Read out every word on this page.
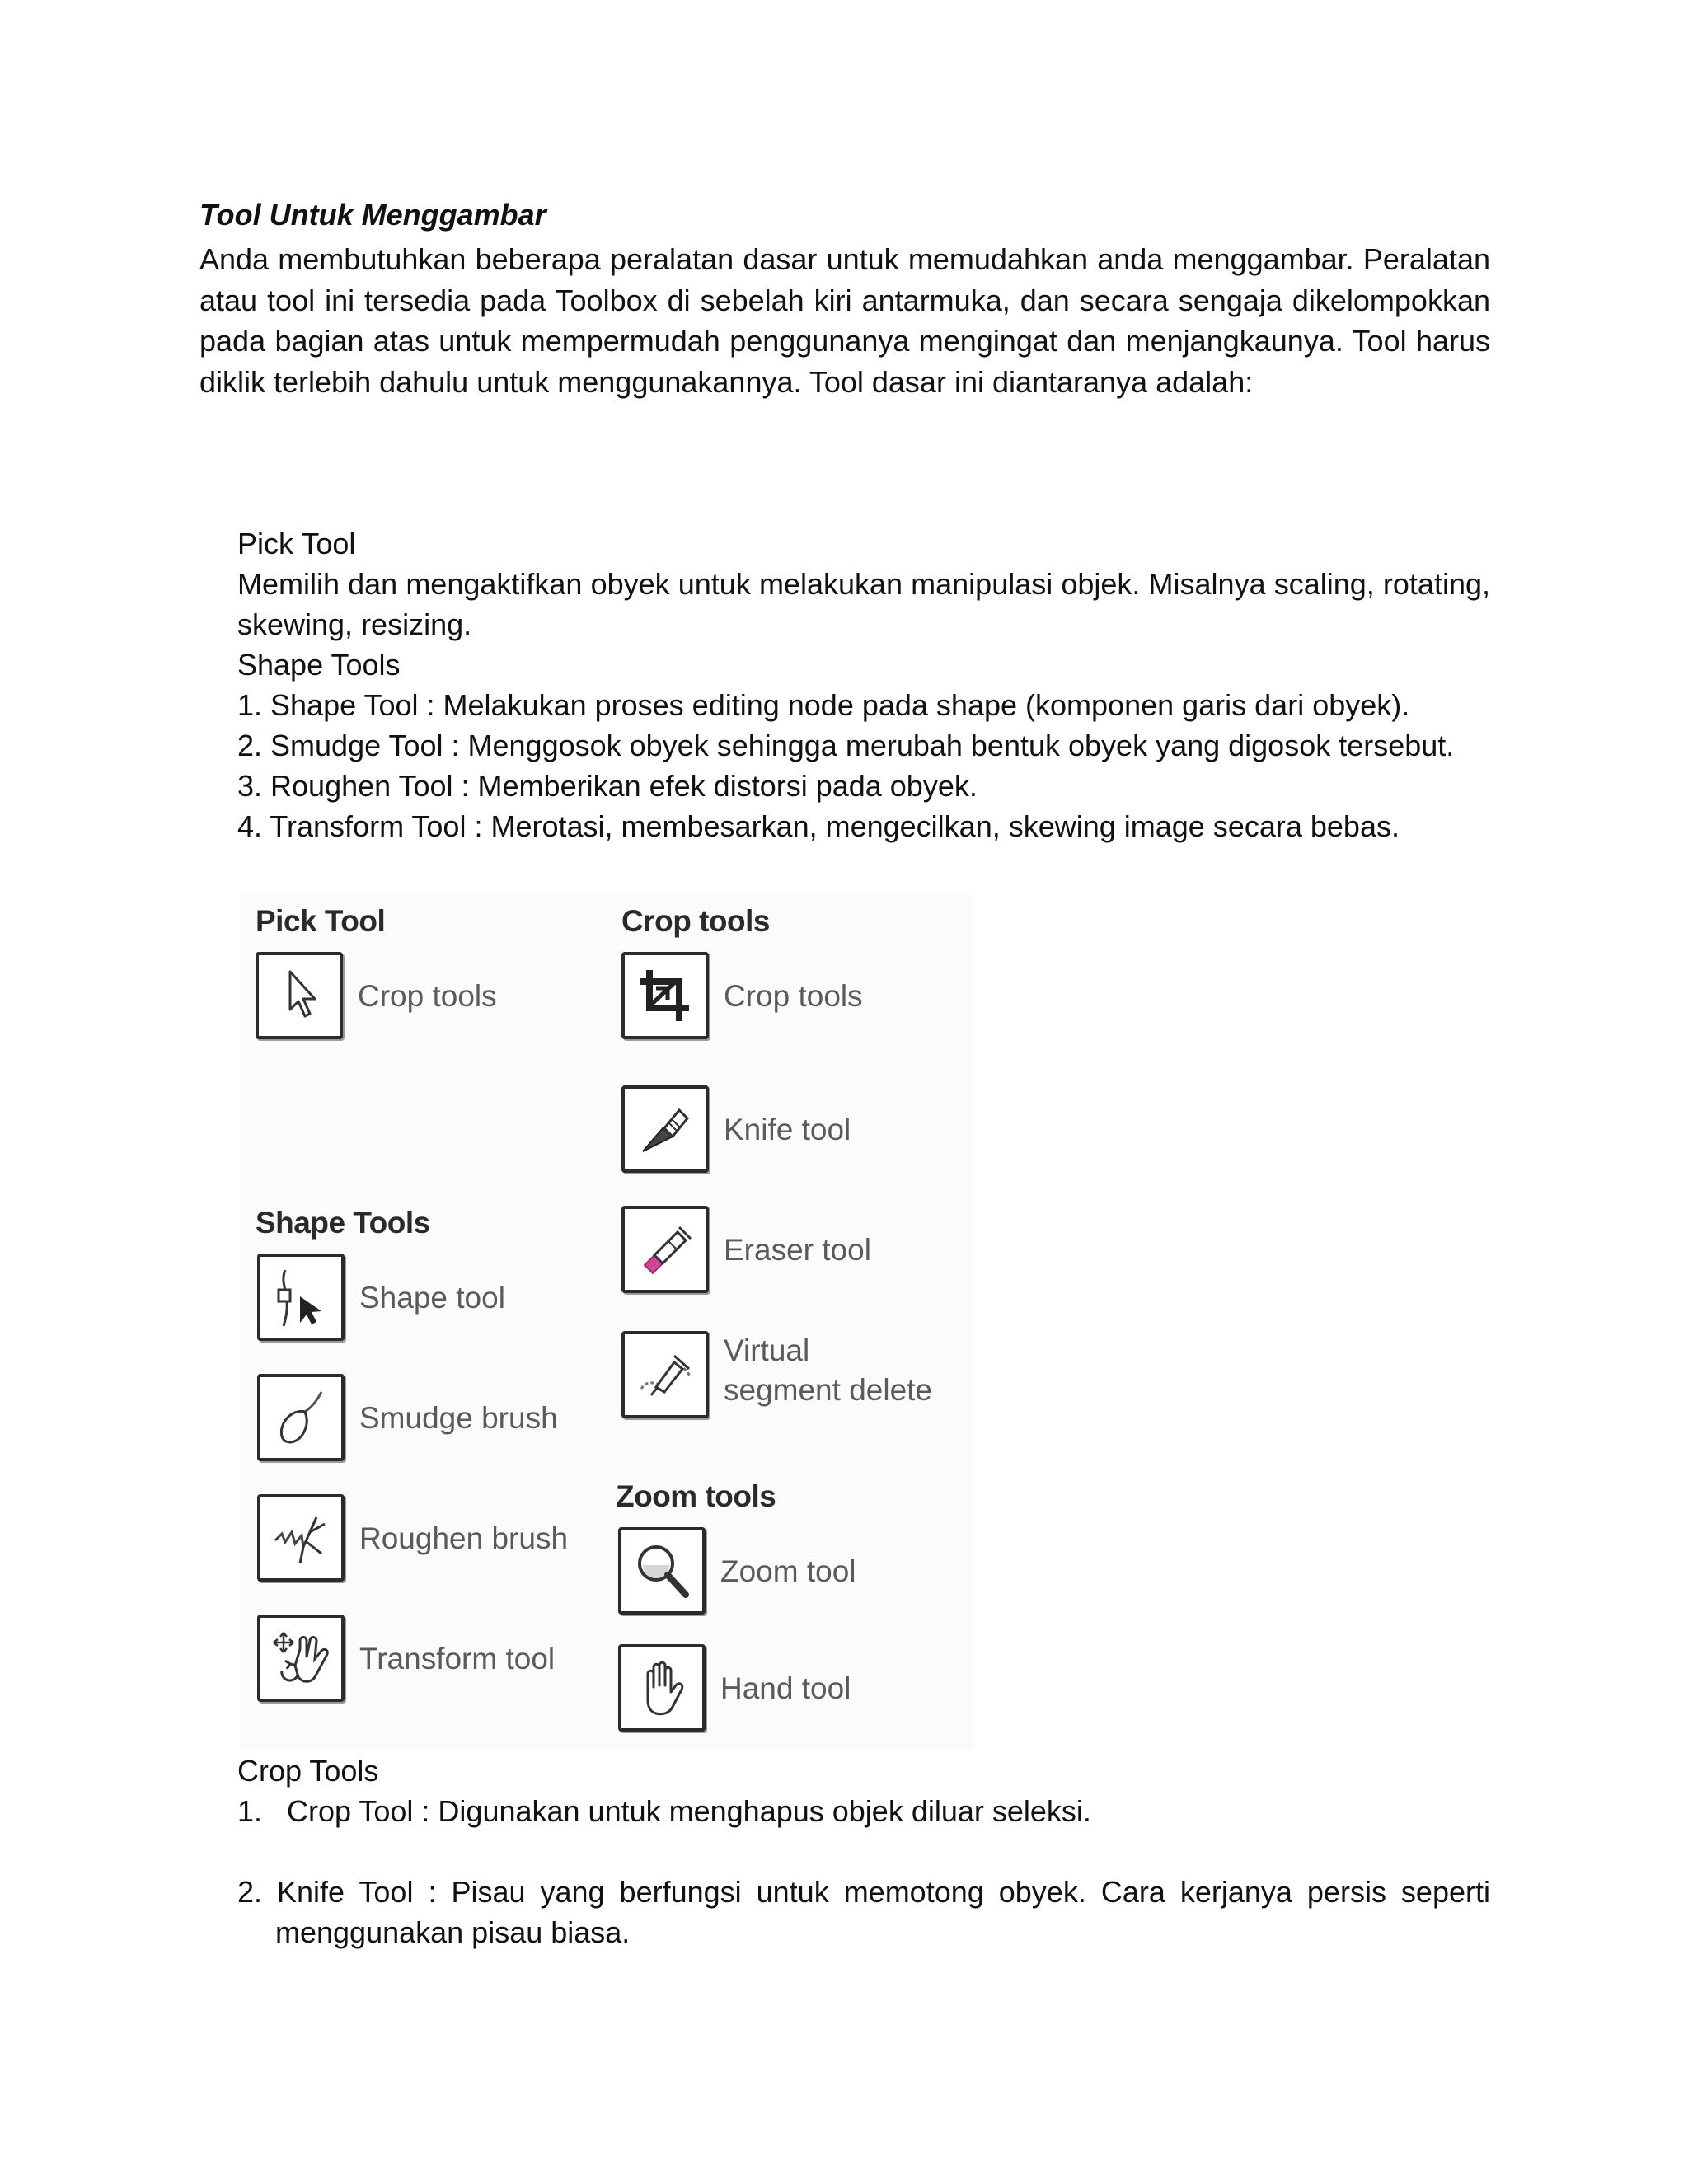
Tool Untuk Menggambar
Anda membutuhkan beberapa peralatan dasar untuk memudahkan anda menggambar. Peralatan atau tool ini tersedia pada Toolbox di sebelah kiri antarmuka, dan secara sengaja dikelompokkan pada bagian atas untuk mempermudah penggunanya mengingat dan menjangkaunya. Tool harus diklik terlebih dahulu untuk menggunakannya. Tool dasar ini diantaranya adalah:
Pick Tool
Memilih dan mengaktifkan obyek untuk melakukan manipulasi objek. Misalnya scaling, rotating, skewing, resizing.
Shape Tools
1. Shape Tool : Melakukan proses editing node pada shape (komponen garis dari obyek).
2. Smudge Tool : Menggosok obyek sehingga merubah bentuk obyek yang digosok tersebut.
3. Roughen Tool : Memberikan efek distorsi pada obyek.
4. Transform Tool : Merotasi, membesarkan, mengecilkan, skewing image secara bebas.
Pick Tool	Crop tools
Shape Tools
Zoom tools
Crop tools	Crop tools
Knife tool
Eraser tool
Virtual
segment delete
Shape tool
Smudge brush
Roughen brush
Transform tool
Zoom tool
Hand tool
Crop Tools
1. Crop Tool : Digunakan untuk menghapus objek diluar seleksi.
2. Knife Tool : Pisau yang berfungsi untuk memotong obyek. Cara kerjanya persis seperti menggunakan pisau biasa.
